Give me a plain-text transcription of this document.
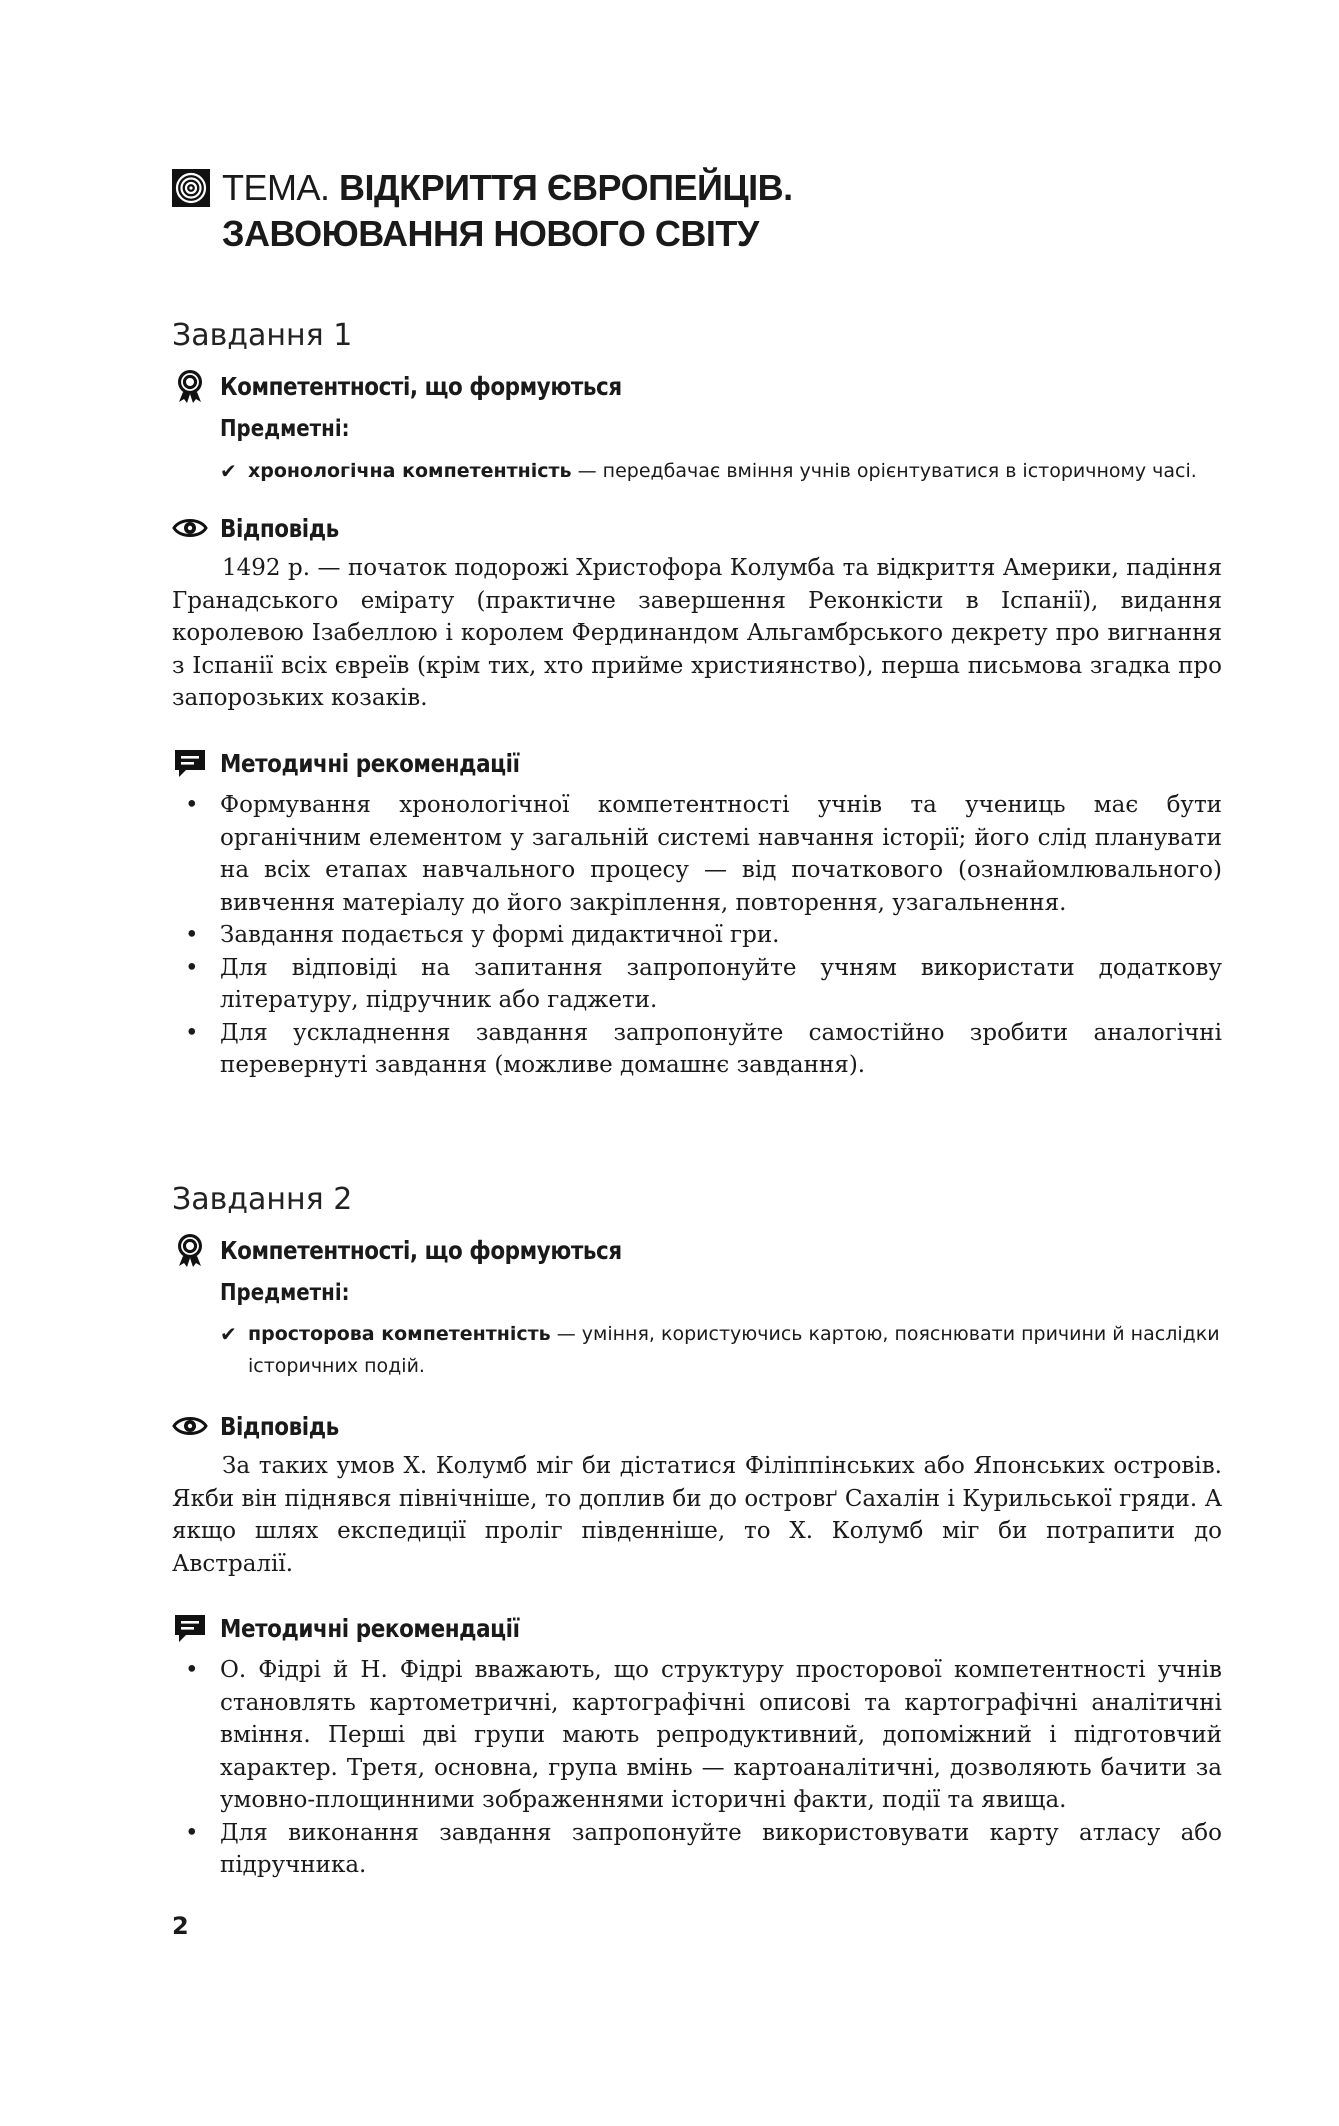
ТЕМА. ВІДКРИТТЯ ЄВРОПЕЙЦІВ.
ЗАВОЮВАННЯ НОВОГО СВІТУ
Завдання 1
Компетентності, що формуються
Предметні:
✔ хронологічна компетентність — передбачає вміння учнів орієнтуватися в історичному часі.
Відповідь

1492 р. — початок подорожі Христофора Колумба та відкриття Америки, падіння Гранадського емірату (практичне завершення Реконкісти в Іспанії), видання королевою Ізабеллою і королем Фердинандом Альгамбрського декрету про вигнання з Іспанії всіх євреїв (крім тих, хто прийме християнство), перша письмова згадка про запорозьких козаків.

Методичні рекомендації
• Формування хронологічної компетентності учнів та учениць має бути органічним елементом у загальній системі навчання історії; його слід планувати на всіх етапах навчального процесу — від початкового (ознайомлювального) вивчення матеріалу до його закріплення, повторення, узагальнення.
• Завдання подається у формі дидактичної гри.
• Для відповіді на запитання запропонуйте учням використати додаткову літературу, підручник або гаджети.
• Для ускладнення завдання запропонуйте самостійно зробити аналогічні перевернуті завдання (можливе домашнє завдання).
Завдання 2
Компетентності, що формуються
Предметні:
✔ просторова компетентність — уміння, користуючись картою, пояснювати причини й наслідки історичних подій.
Відповідь

За таких умов Х. Колумб міг би дістатися Філіппінських або Японських островів. Якби він піднявся північніше, то доплив би до островґ Сахалін і Курильської гряди. А якщо шлях експедиції проліг південніше, то Х. Колумб міг би потрапити до Австралії.

Методичні рекомендації
• О. Фідрі й Н. Фідрі вважають, що структуру просторової компетентності учнів становлять картометричні, картографічні описові та картографічні аналітичні вміння. Перші дві групи мають репродуктивний, допоміжний і підготовчий характер. Третя, основна, група вмінь — картоаналітичні, дозволяють бачити за умовно-площинними зображеннями історичні факти, події та явища.
• Для виконання завдання запропонуйте використовувати карту атласу або підручника.
2
